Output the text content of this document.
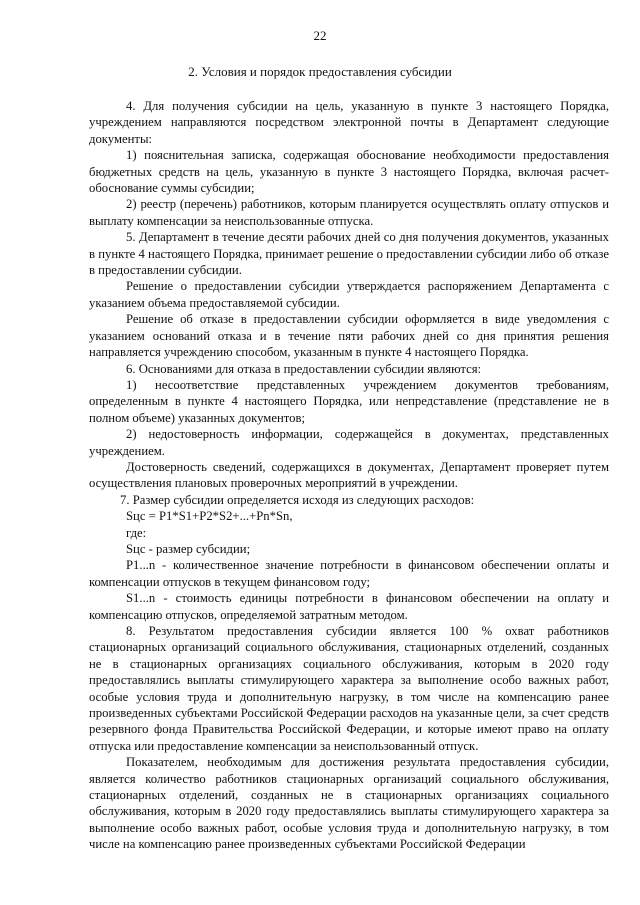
22
2. Условия и порядок предоставления субсидии

4. Для получения субсидии на цель, указанную в пункте 3 настоящего Порядка, учреждением направляются посредством электронной почты в Департамент следующие документы:

1) пояснительная записка, содержащая обоснование необходимости предоставления бюджетных средств на цель, указанную в пункте 3 настоящего Порядка, включая расчет-обоснование суммы субсидии;

2) реестр (перечень) работников, которым планируется осуществлять оплату отпусков и выплату компенсации за неиспользованные отпуска.

5. Департамент в течение десяти рабочих дней со дня получения документов, указанных в пункте 4 настоящего Порядка, принимает решение о предоставлении субсидии либо об отказе в предоставлении субсидии.

Решение о предоставлении субсидии утверждается распоряжением Департамента с указанием объема предоставляемой субсидии.

Решение об отказе в предоставлении субсидии оформляется в виде уведомления с указанием оснований отказа и в течение пяти рабочих дней со дня принятия решения направляется учреждению способом, указанным в пункте 4 настоящего Порядка.

6. Основаниями для отказа в предоставлении субсидии являются:

1) несоответствие представленных учреждением документов требованиям, определенным в пункте 4 настоящего Порядка, или непредставление (представление не в полном объеме) указанных документов;

2) недостоверность информации, содержащейся в документах, представленных учреждением.

Достоверность сведений, содержащихся в документах, Департамент проверяет путем осуществления плановых проверочных мероприятий в учреждении.

7. Размер субсидии определяется исходя из следующих расходов:

Sцс = P1*S1+P2*S2+...+Pn*Sn,

где:

Sцс - размер субсидии;

P1...n - количественное значение потребности в финансовом обеспечении оплаты и компенсации отпусков в текущем финансовом году;

S1...n - стоимость единицы потребности в финансовом обеспечении на оплату и компенсацию отпусков, определяемой затратным методом.

8. Результатом предоставления субсидии является 100 % охват работников стационарных организаций социального обслуживания, стационарных отделений, созданных не в стационарных организациях социального обслуживания, которым в 2020 году предоставлялись выплаты стимулирующего характера за выполнение особо важных работ, особые условия труда и дополнительную нагрузку, в том числе на компенсацию ранее произведенных субъектами Российской Федерации расходов на указанные цели, за счет средств резервного фонда Правительства Российской Федерации, и которые имеют право на оплату отпуска или предоставление компенсации за неиспользованный отпуск.

Показателем, необходимым для достижения результата предоставления субсидии, является количество работников стационарных организаций социального обслуживания, стационарных отделений, созданных не в стационарных организациях социального обслуживания, которым в 2020 году предоставлялись выплаты стимулирующего характера за выполнение особо важных работ, особые условия труда и дополнительную нагрузку, в том числе на компенсацию ранее произведенных субъектами Российской Федерации
